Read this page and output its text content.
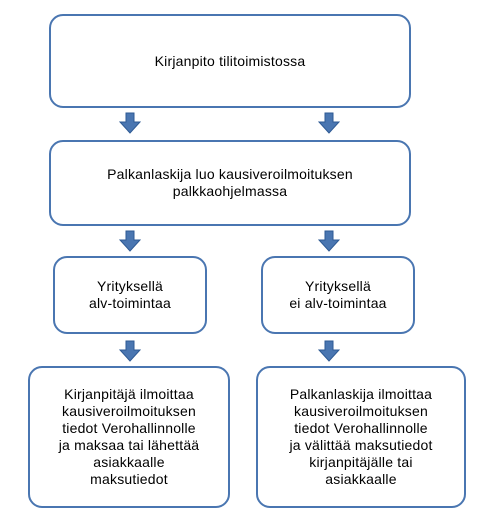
Kirjanpito tilitoimistossa
Palkanlaskija luo kausiveroilmoituksen
palkkaohjelmassa
Yrityksellä
alv-toimintaa
Yrityksellä
ei alv-toimintaa
Kirjanpitäjä ilmoittaa
kausiveroilmoituksen
tiedot Verohallinnolle
ja maksaa tai lähettää
asiakkaalle
maksutiedot
Palkanlaskija ilmoittaa
kausiveroilmoituksen
tiedot Verohallinnolle
ja välittää maksutiedot
kirjanpitäjälle tai
asiakkaalle
